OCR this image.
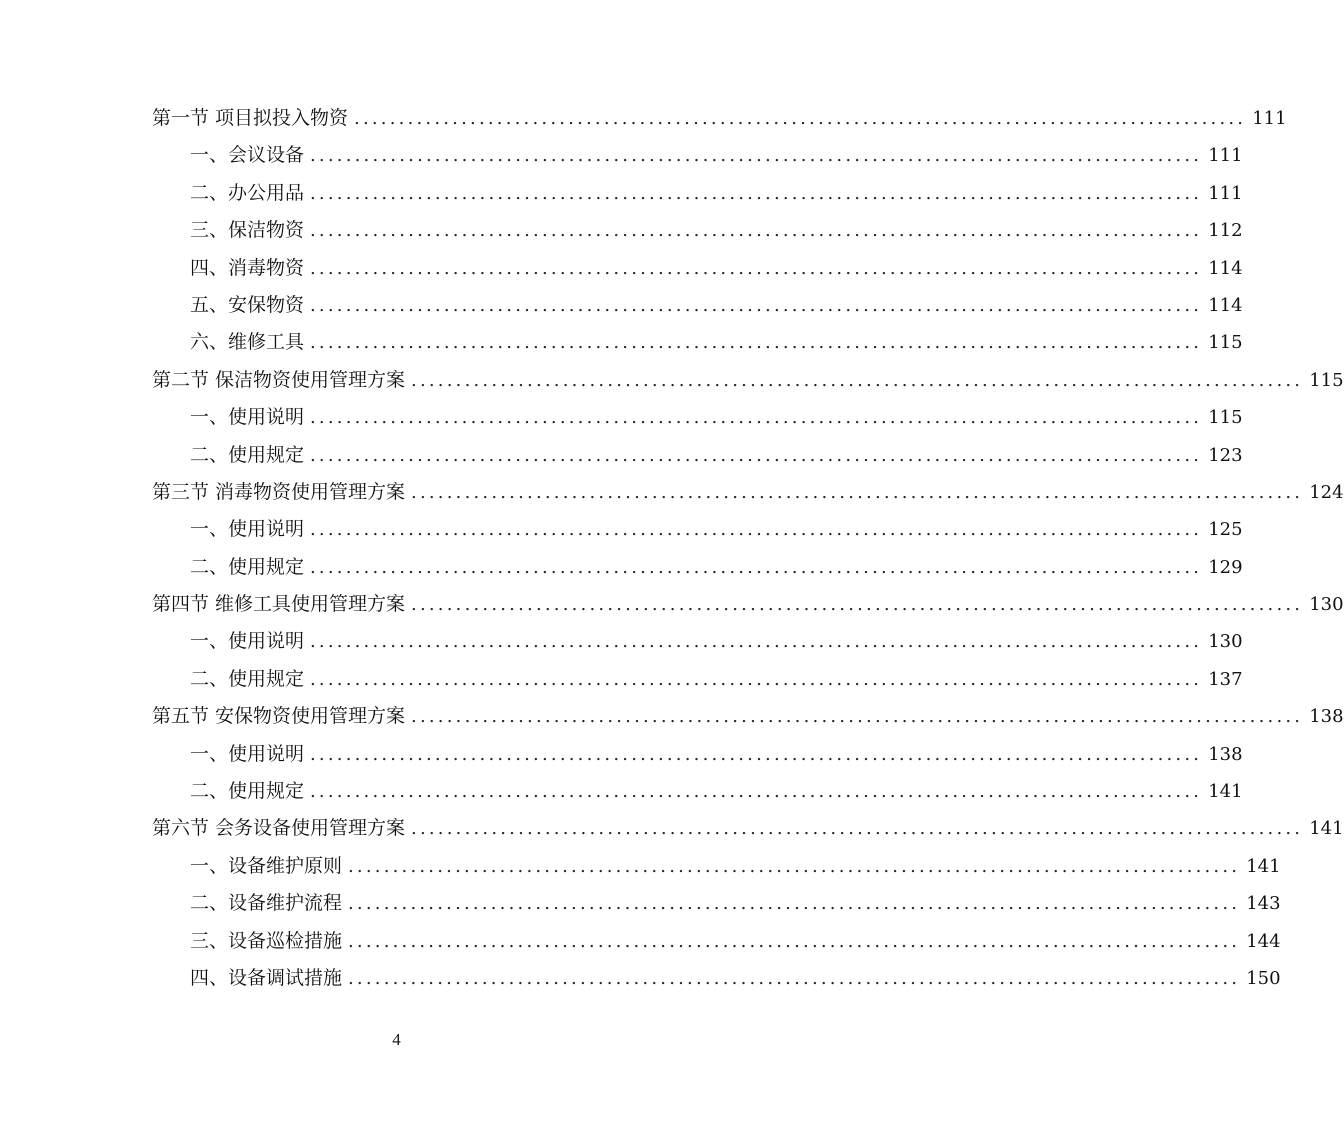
第一节 项目拟投入物资 .................................................................................................... 111
一、会议设备 .................................................................................................... 111
二、办公用品 .................................................................................................... 111
三、保洁物资 .................................................................................................... 112
四、消毒物资 .................................................................................................... 114
五、安保物资 .................................................................................................... 114
六、维修工具 .................................................................................................... 115
第二节 保洁物资使用管理方案 .................................................................................................... 115
一、使用说明 .................................................................................................... 115
二、使用规定 .................................................................................................... 123
第三节 消毒物资使用管理方案 .................................................................................................... 124
一、使用说明 .................................................................................................... 125
二、使用规定 .................................................................................................... 129
第四节 维修工具使用管理方案 .................................................................................................... 130
一、使用说明 .................................................................................................... 130
二、使用规定 .................................................................................................... 137
第五节 安保物资使用管理方案 .................................................................................................... 138
一、使用说明 .................................................................................................... 138
二、使用规定 .................................................................................................... 141
第六节 会务设备使用管理方案 .................................................................................................... 141
一、设备维护原则 .................................................................................................... 141
二、设备维护流程 .................................................................................................... 143
三、设备巡检措施 .................................................................................................... 144
四、设备调试措施 .................................................................................................... 150
4
